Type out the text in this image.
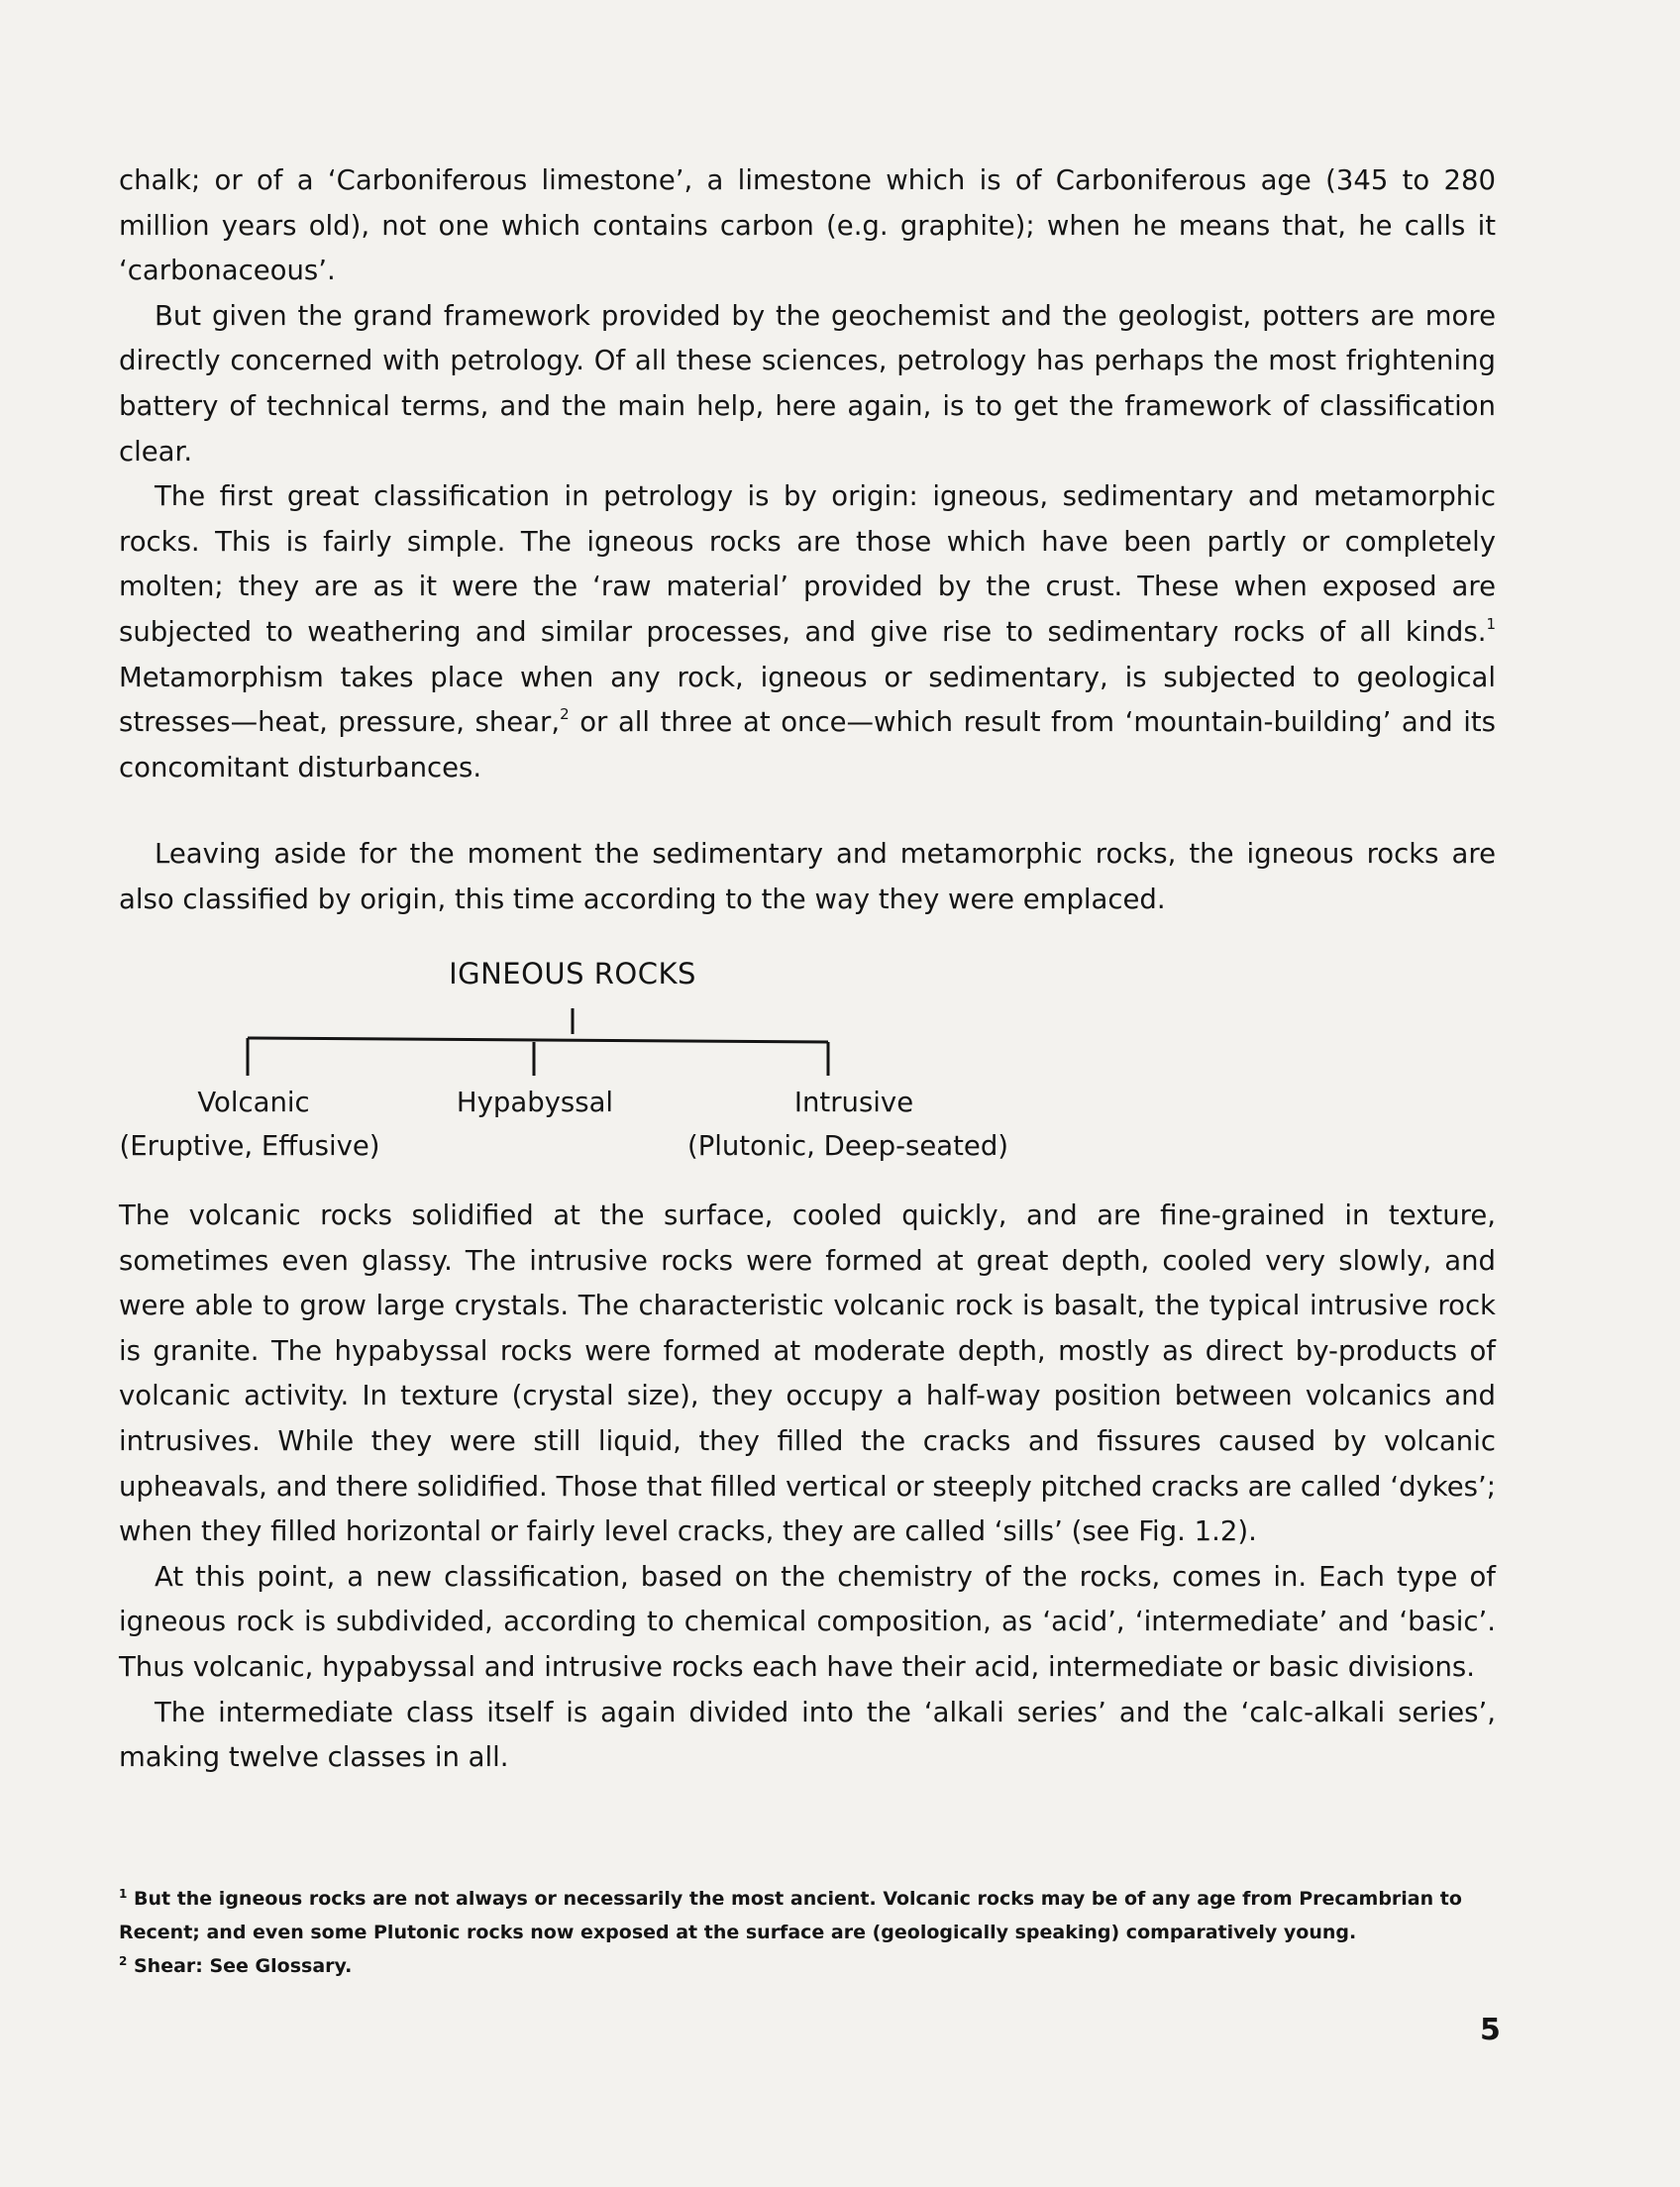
chalk; or of a ‘Carboniferous limestone’, a limestone which is of Carboniferous age (345 to 280 million years old), not one which contains carbon (e.g. graphite); when he means that, he calls it ‘carbonaceous’.

But given the grand framework provided by the geochemist and the geologist, potters are more directly concerned with petrology. Of all these sciences, petrology has perhaps the most frightening battery of technical terms, and the main help, here again, is to get the framework of classification clear.

The first great classification in petrology is by origin: igneous, sedimentary and metamorphic rocks. This is fairly simple. The igneous rocks are those which have been partly or completely molten; they are as it were the ‘raw material’ provided by the crust. These when exposed are subjected to weathering and similar processes, and give rise to sedimentary rocks of all kinds.$^1$ Metamorphism takes place when any rock, igneous or sedimentary, is subjected to geological stresses—heat, pressure, shear,$^2$ or all three at once—which result from ‘mountain-building’ and its concomitant disturbances.

Leaving aside for the moment the sedimentary and metamorphic rocks, the igneous rocks are also classified by origin, this time according to the way they were emplaced.

IGNEOUS ROCKS
Volcanic
(Eruptive, Effusive)
Hypabyssal	Intrusive
(Plutonic, Deep-seated)

The volcanic rocks solidified at the surface, cooled quickly, and are fine-grained in texture, sometimes even glassy. The intrusive rocks were formed at great depth, cooled very slowly, and were able to grow large crystals. The characteristic volcanic rock is basalt, the typical intrusive rock is granite. The hypabyssal rocks were formed at moderate depth, mostly as direct by-products of volcanic activity. In texture (crystal size), they occupy a half-way position between volcanics and intrusives. While they were still liquid, they filled the cracks and fissures caused by volcanic upheavals, and there solidified. Those that filled vertical or steeply pitched cracks are called ‘dykes’; when they filled horizontal or fairly level cracks, they are called ‘sills’ (see Fig. 1.2).

At this point, a new classification, based on the chemistry of the rocks, comes in. Each type of igneous rock is subdivided, according to chemical composition, as ‘acid’, ‘intermediate’ and ‘basic’. Thus volcanic, hypabyssal and intrusive rocks each have their acid, intermediate or basic divisions.

The intermediate class itself is again divided into the ‘alkali series’ and the ‘calc-alkali series’, making twelve classes in all.

$^1$ But the igneous rocks are not always or necessarily the most ancient. Volcanic rocks may be of any age from Precambrian to Recent; and even some Plutonic rocks now exposed at the surface are (geologically speaking) comparatively young.

$^2$ Shear: See Glossary.

5
